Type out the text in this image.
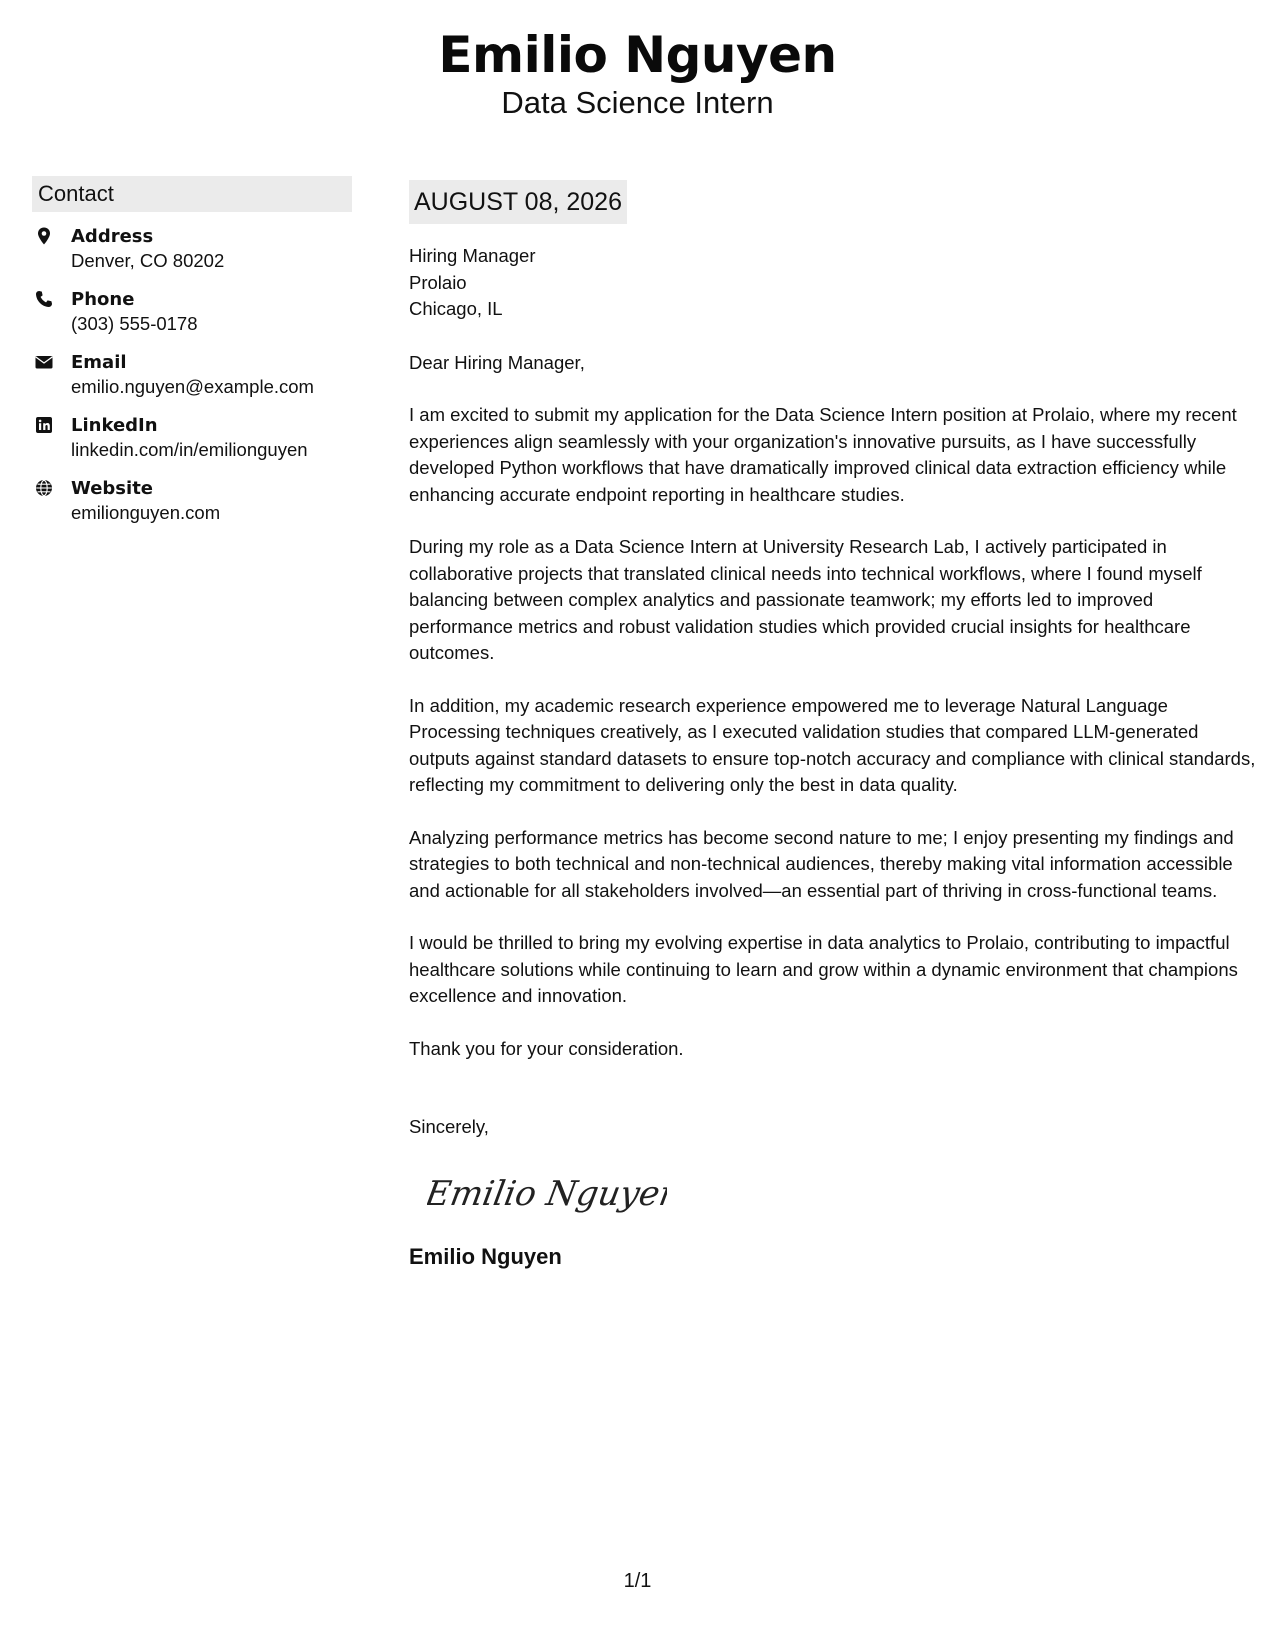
Emilio Nguyen
Data Science Intern
Contact
Address
Denver, CO 80202
Phone
(303) 555-0178
Email
emilio.nguyen@example.com
LinkedIn
linkedin.com/in/emilionguyen
Website
emilionguyen.com
AUGUST 08, 2026
Hiring Manager
Prolaio
Chicago, IL
Dear Hiring Manager,
I am excited to submit my application for the Data Science Intern position at Prolaio, where my recent experiences align seamlessly with your organization's innovative pursuits, as I have successfully developed Python workflows that have dramatically improved clinical data extraction efficiency while enhancing accurate endpoint reporting in healthcare studies.
During my role as a Data Science Intern at University Research Lab, I actively participated in collaborative projects that translated clinical needs into technical workflows, where I found myself balancing between complex analytics and passionate teamwork; my efforts led to improved performance metrics and robust validation studies which provided crucial insights for healthcare outcomes.
In addition, my academic research experience empowered me to leverage Natural Language Processing techniques creatively, as I executed validation studies that compared LLM-generated outputs against standard datasets to ensure top-notch accuracy and compliance with clinical standards, reflecting my commitment to delivering only the best in data quality.
Analyzing performance metrics has become second nature to me; I enjoy presenting my findings and strategies to both technical and non-technical audiences, thereby making vital information accessible and actionable for all stakeholders involved—an essential part of thriving in cross-functional teams.
I would be thrilled to bring my evolving expertise in data analytics to Prolaio, contributing to impactful healthcare solutions while continuing to learn and grow within a dynamic environment that champions excellence and innovation.
Thank you for your consideration.
Sincerely,
Emilio Nguyen
Emilio Nguyen
1/1
